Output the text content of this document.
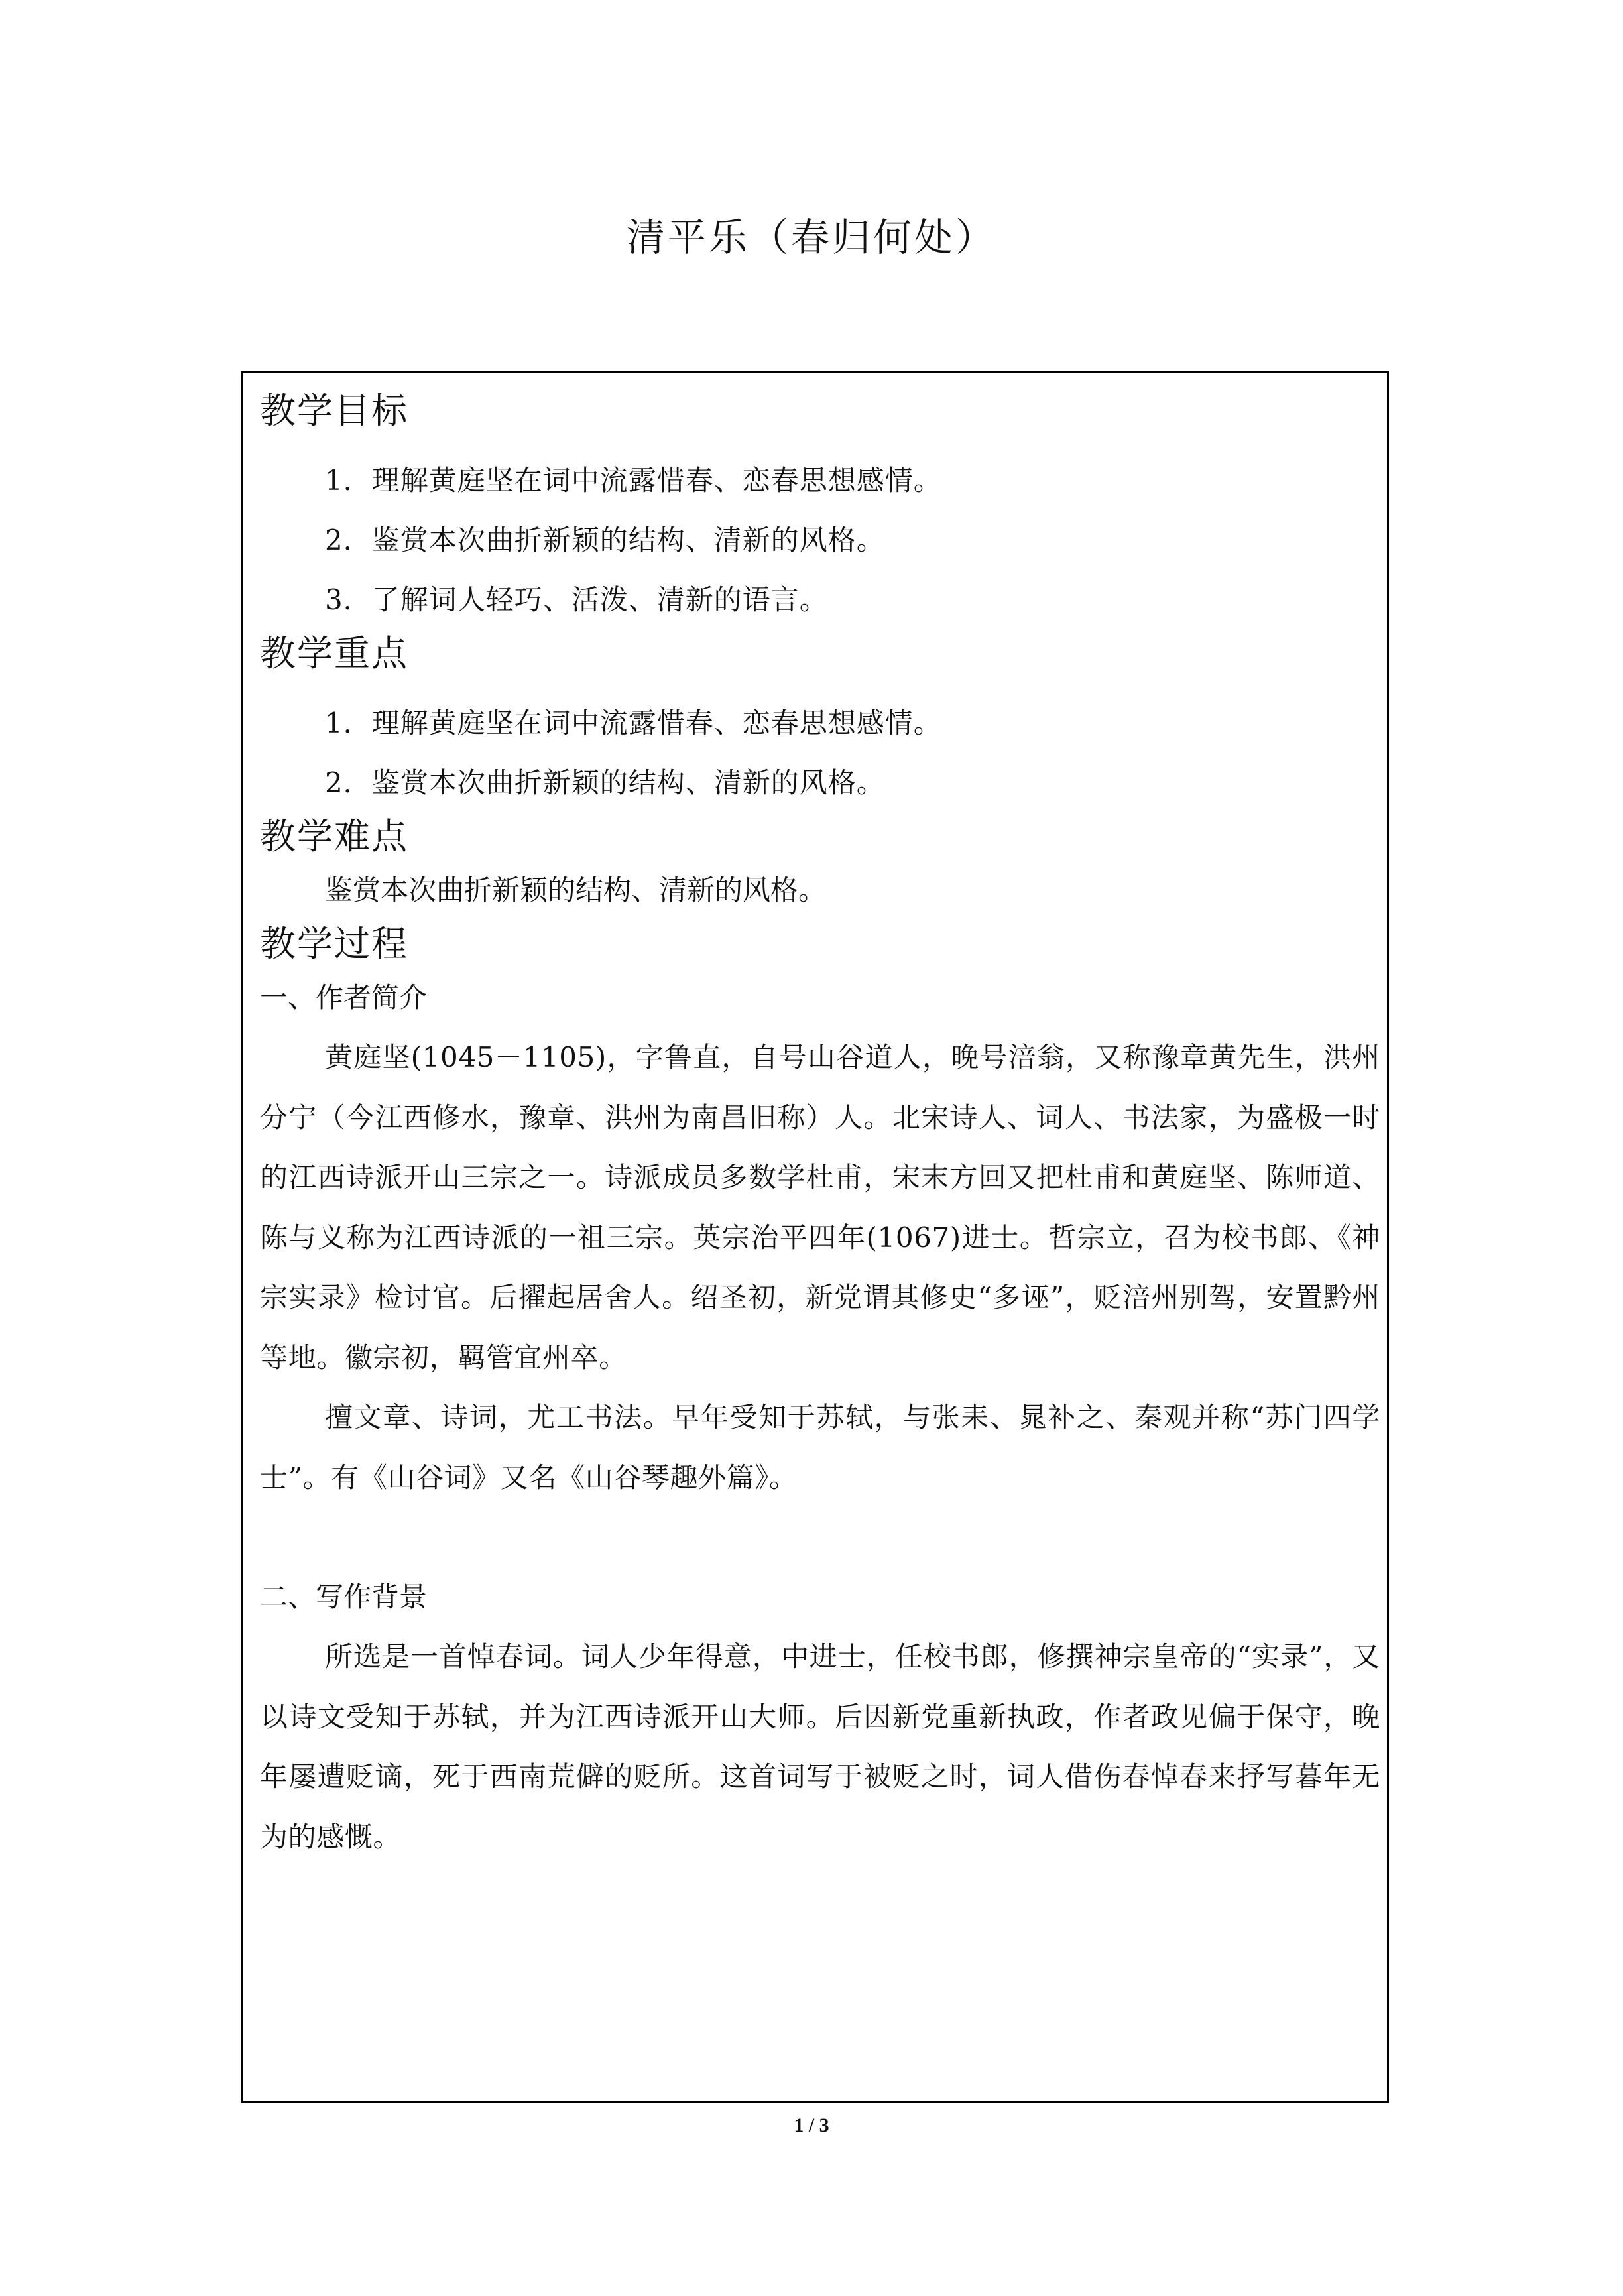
清平乐（春归何处）
教学目标
1．理解黄庭坚在词中流露惜春、恋春思想感情。
2．鉴赏本次曲折新颖的结构、清新的风格。
3．了解词人轻巧、活泼、清新的语言。
教学重点
1．理解黄庭坚在词中流露惜春、恋春思想感情。
2．鉴赏本次曲折新颖的结构、清新的风格。
教学难点

鉴赏本次曲折新颖的结构、清新的风格。

教学过程
一、作者简介

黄庭坚(1045－1105)，字鲁直，自号山谷道人，晚号涪翁，又称豫章黄先生，洪州分宁（今江西修水，豫章、洪州为南昌旧称）人。北宋诗人、词人、书法家，为盛极一时的江西诗派开山三宗之一。诗派成员多数学杜甫，宋末方回又把杜甫和黄庭坚、陈师道、陈与义称为江西诗派的一祖三宗。英宗治平四年(1067)进士。哲宗立，召为校书郎、《神宗实录》检讨官。后擢起居舍人。绍圣初，新党谓其修史“多诬”，贬涪州别驾，安置黔州等地。徽宗初，羁管宜州卒。

擅文章、诗词，尤工书法。早年受知于苏轼，与张耒、晁补之、秦观并称“苏门四学士”。有《山谷词》又名《山谷琴趣外篇》。

二、写作背景

所选是一首悼春词。词人少年得意，中进士，任校书郎，修撰神宗皇帝的“实录”，又以诗文受知于苏轼，并为江西诗派开山大师。后因新党重新执政，作者政见偏于保守，晚年屡遭贬谪，死于西南荒僻的贬所。这首词写于被贬之时，词人借伤春悼春来抒写暮年无为的感慨。

1 / 3
